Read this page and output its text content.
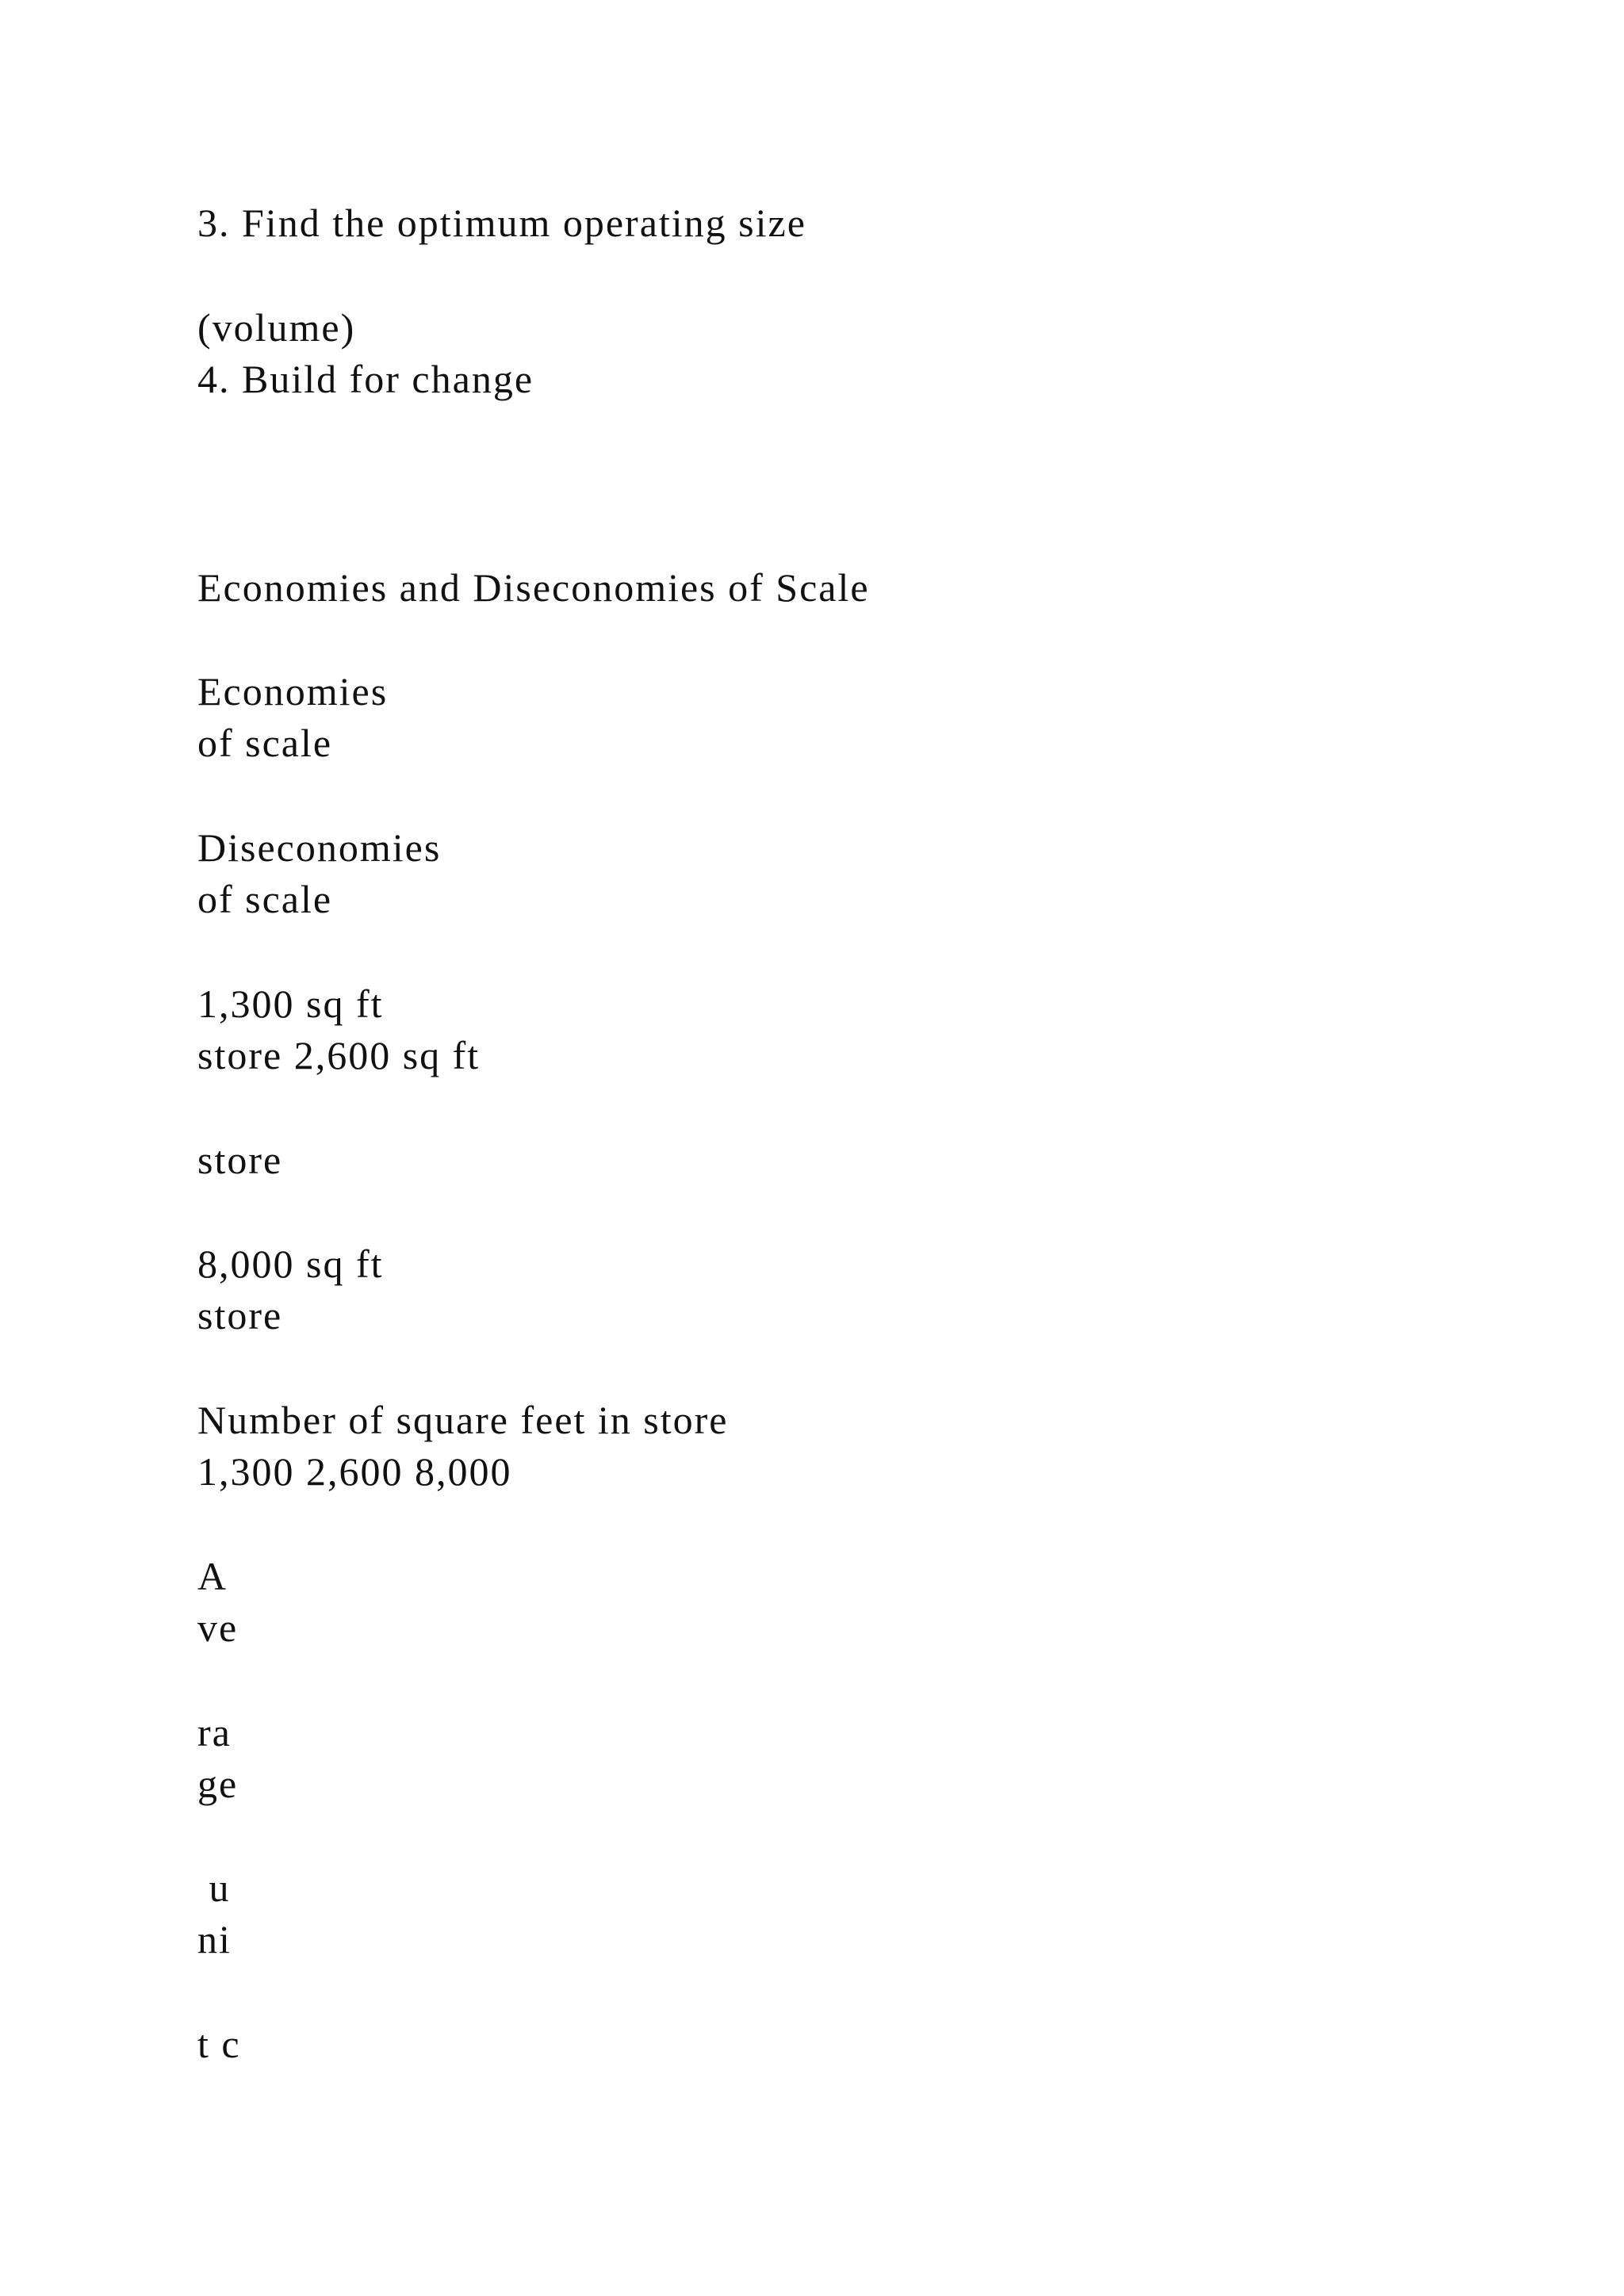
3. Find the optimum operating size

(volume)

4. Build for change

Economies and Diseconomies of Scale

Economies

of scale

Diseconomies

of scale

1,300 sq ft

store 2,600 sq ft

store

8,000 sq ft

store

Number of square feet in store

1,300 2,600 8,000

A

ve

ra

ge

u

ni

t c
